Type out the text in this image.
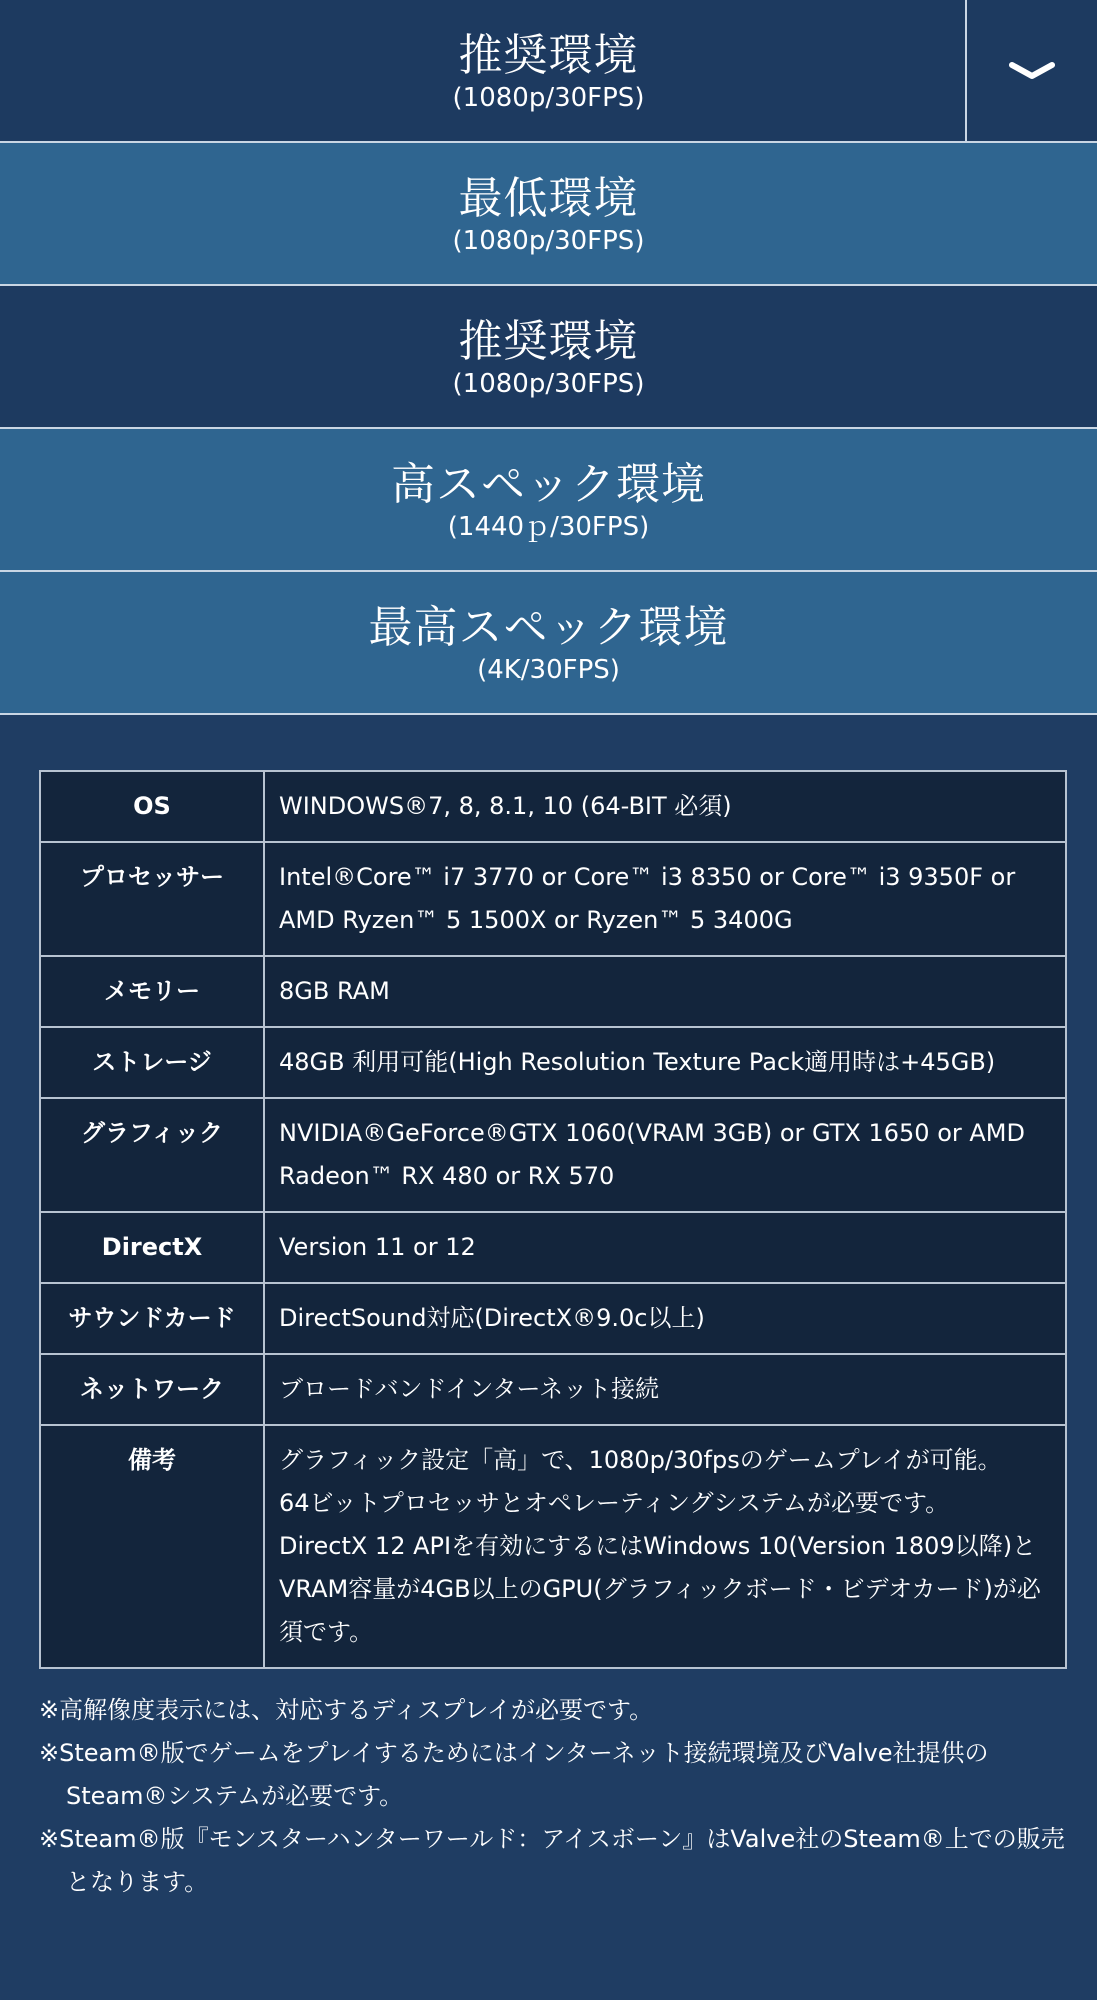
推奨環境
(1080p/30FPS)
最低環境
(1080p/30FPS)
推奨環境
(1080p/30FPS)
高スペック環境
(1440ｐ/30FPS)
最高スペック環境
(4K/30FPS)
OS	WINDOWS®7, 8, 8.1, 10 (64-BIT 必須)
プロセッサー	Intel®Core™ i7 3770 or Core™ i3 8350 or Core™ i3 9350F or AMD Ryzen™ 5 1500X or Ryzen™ 5 3400G
メモリー	8GB RAM
ストレージ	48GB 利用可能(High Resolution Texture Pack適用時は+45GB)
グラフィック	NVIDIA®GeForce®GTX 1060(VRAM 3GB) or GTX 1650 or AMD Radeon™ RX 480 or RX 570
DirectX	Version 11 or 12
サウンドカード	DirectSound対応(DirectX®9.0c以上)
ネットワーク	ブロードバンドインターネット接続
備考	グラフィック設定「高」で、1080p/30fpsのゲームプレイが可能。
64ビットプロセッサとオペレーティングシステムが必要です。
DirectX 12 APIを有効にするにはWindows 10(Version 1809以降)とVRAM容量が4GB以上のGPU(グラフィックボード・ビデオカード)が必須です。
※高解像度表示には、対応するディスプレイが必要です。
※Steam®版でゲームをプレイするためにはインターネット接続環境及びValve社提供のSteam®システムが必要です。
※Steam®版『モンスターハンターワールド：アイスボーン』はValve社のSteam®上での販売となります。
